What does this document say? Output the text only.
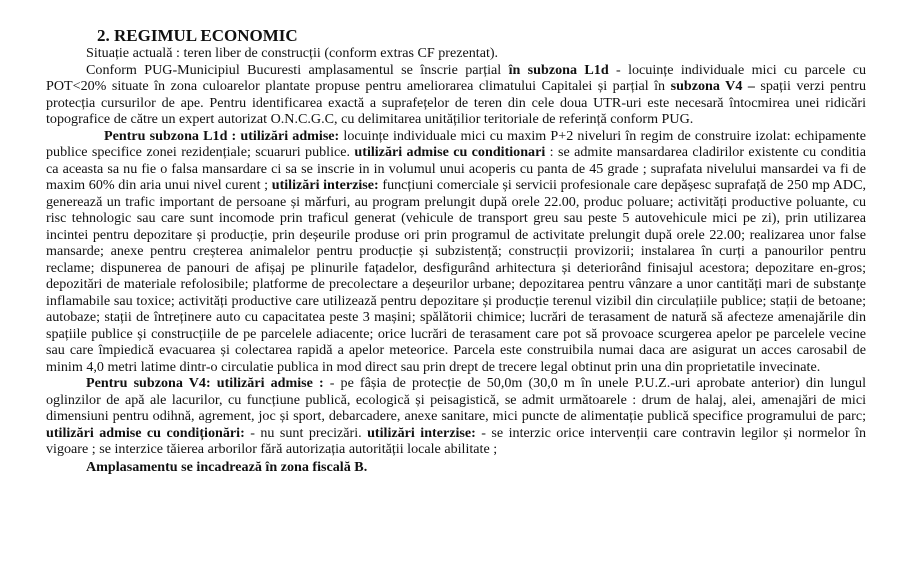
2. REGIMUL ECONOMIC

Situație actuală : teren liber de construcții (conform extras CF prezentat).

Conform PUG-Municipiul Bucuresti amplasamentul se înscrie parțial în subzona L1d - locuințe individuale mici cu parcele cu POT<20% situate în zona culoarelor plantate propuse pentru ameliorarea climatului Capitalei și parțial în subzona V4 – spații verzi pentru protecția cursurilor de ape. Pentru identificarea exactă a suprafețelor de teren din cele doua UTR-uri este necesară întocmirea unei ridicări topografice de către un expert autorizat O.N.C.G.C, cu delimitarea unitățilior teritoriale de referință conform PUG.

Pentru subzona L1d : utilizări admise: locuințe individuale mici cu maxim P+2 niveluri în regim de construire izolat: echipamente publice specifice zonei rezidențiale; scuaruri publice. utilizări admise cu conditionari : se admite mansardarea cladirilor existente cu conditia ca aceasta sa nu fie o falsa mansardare ci sa se inscrie in in volumul unui acoperis cu panta de 45 grade ; suprafata nivelului mansardei va fi de maxim 60% din aria unui nivel curent ; utilizări interzise: funcțiuni comerciale și servicii profesionale care depășesc suprafață de 250 mp ADC, generează un trafic important de persoane și mărfuri, au program prelungit după orele 22.00, produc poluare; activități productive poluante, cu risc tehnologic sau care sunt incomode prin traficul generat (vehicule de transport greu sau peste 5 autovehicule mici pe zi), prin utilizarea incintei pentru depozitare și producție, prin deșeurile produse ori prin programul de activitate prelungit după orele 22.00; realizarea unor false mansarde; anexe pentru creșterea animalelor pentru producție și subzistență; construcții provizorii; instalarea în curți a panourilor pentru reclame; dispunerea de panouri de afișaj pe plinurile fațadelor, desfigurând arhitectura și deteriorând finisajul acestora; depozitare en-gros; depozitări de materiale refolosibile; platforme de precolectare a deșeurilor urbane; depozitarea pentru vânzare a unor cantități mari de substanțe inflamabile sau toxice; activități productive care utilizează pentru depozitare și producție terenul vizibil din circulațiile publice; stații de betoane; autobaze; stații de întreținere auto cu capacitatea peste 3 mașini; spălătorii chimice; lucrări de terasament de natură să afecteze amenajările din spațiile publice și construcțiile de pe parcelele adiacente; orice lucrări de terasament care pot să provoace scurgerea apelor pe parcelele vecine sau care împiedică evacuarea și colectarea rapidă a apelor meteorice. Parcela este construibila numai daca are asigurat un acces carosabil de minim 4,0 metri latime dintr-o circulatie publica in mod direct sau prin drept de trecere legal obtinut prin una din proprietatile invecinate.

Pentru subzona V4: utilizări admise : - pe fâșia de protecție de 50,0m (30,0 m în unele P.U.Z.-uri aprobate anterior) din lungul oglinzilor de apă ale lacurilor, cu funcțiune publică, ecologică și peisagistică, se admit următoarele : drum de halaj, alei, amenajări de mici dimensiuni pentru odihnă, agrement, joc și sport, debarcadere, anexe sanitare, mici puncte de alimentație publică specifice programului de parc; utilizări admise cu condiționări: - nu sunt precizări. utilizări interzise: - se interzic orice intervenții care contravin legilor și normelor în vigoare ; se interzice tăierea arborilor fără autorizația autorității locale abilitate ;

Amplasamentu se incadrează în zona fiscală B.
